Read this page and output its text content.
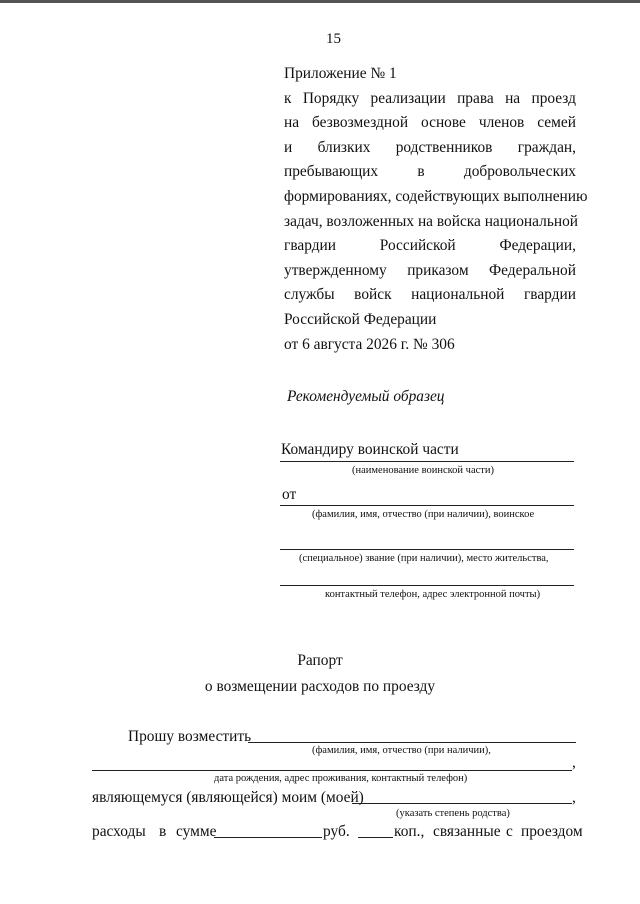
15
Приложение № 1
к Порядку реализации права на проезд
на безвозмездной основе членов семей
и близких родственников граждан,
пребывающих	в	добровольческих
формированиях, содействующих выполнению
задач, возложенных на войска национальной
гвардии	Российской	Федерации,
утвержденному приказом Федеральной
службы войск национальной гвардии
Российской Федерации
от 6 августа 2026 г. № 306
Рекомендуемый образец
Командиру воинской части
(наименование воинской части)
от
(фамилия, имя, отчество (при наличии), воинское
(специальное) звание (при наличии), место жительства,
контактный телефон, адрес электронной почты)
Рапорт
о возмещении расходов по проезду
Прошу возместить
(фамилия, имя, отчество (при наличии),
,
дата рождения, адрес проживания, контактный телефон)
являющемуся (являющейся) моим (моей)	,
(указать степень родства)
расходы в сумме	руб.	коп., связанные с проездом
